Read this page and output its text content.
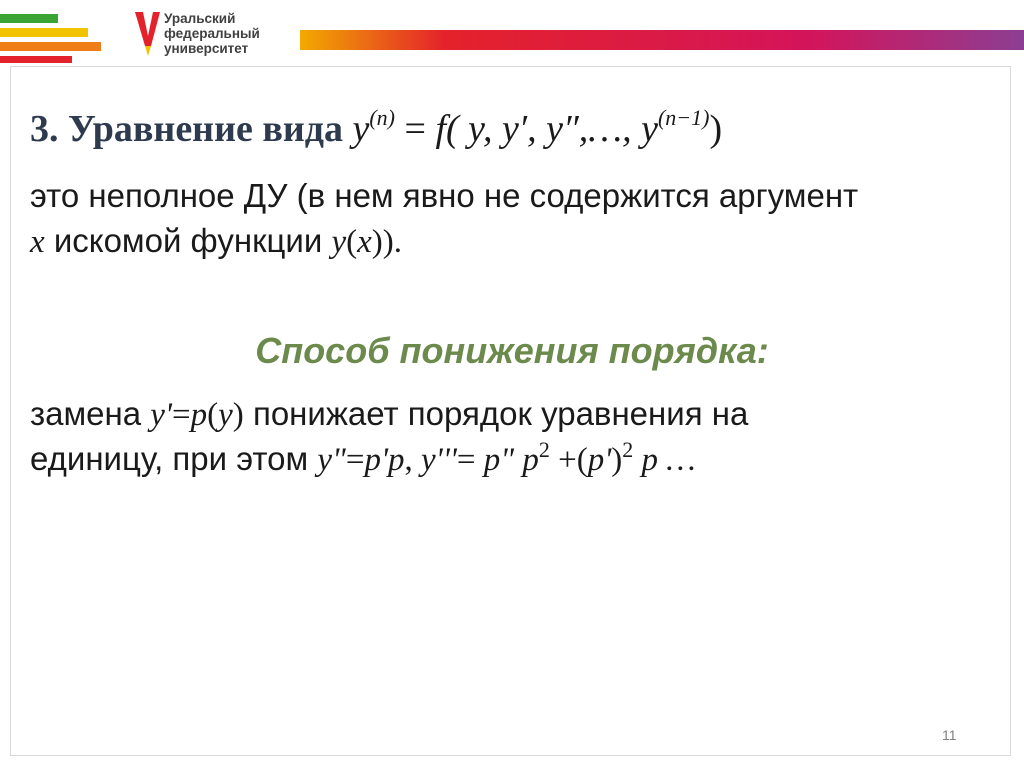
Уральский
федеральный
университет
3. Уравнение вида $y^{(n)} = f$( y, y′, y″,…, $y^{(n-1)}$)
это неполное ДУ (в нем явно не содержится аргумент
x искомой функции y(x)).
Способ понижения порядка:
замена y'=p(y) понижает порядок уравнения на
единицу, при этом y"=p'p, y'''= p" $p^2 +(p')^2$ p …
11
